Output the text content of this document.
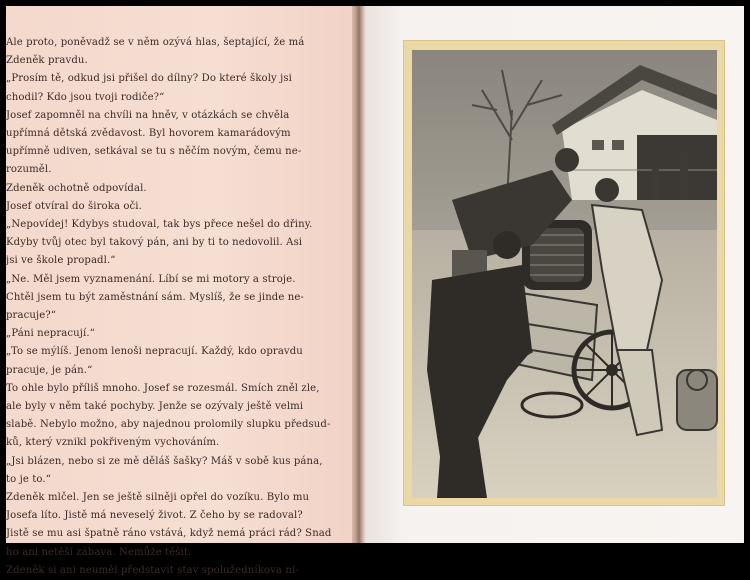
Ale proto, poněvadž se v něm ozývá hlas, šeptající, že má
Zdeněk pravdu.
„Prosím tě, odkud jsi přišel do dílny? Do které školy jsi
chodil? Kdo jsou tvoji rodiče?“
Josef zapomněl na chvíli na hněv, v otázkách se chvěla
upřímná dětská zvědavost. Byl hovorem kamarádovým
upřímně udiven, setkával se tu s něčím novým, čemu ne-
rozuměl.
Zdeněk ochotně odpovídal.
Josef otvíral do široka oči.
„Nepovídej! Kdybys studoval, tak bys přece nešel do dřiny.
Kdyby tvůj otec byl takový pán, ani by ti to nedovolil. Asi
jsi ve škole propadl.“
„Ne. Měl jsem vyznamenání. Líbí se mi motory a stroje.
Chtěl jsem tu být zaměstnání sám. Myslíš, že se jinde ne-
pracuje?“
„Páni nepracují.“
„To se mýlíš. Jenom lenoši nepracují. Každý, kdo opravdu
pracuje, je pán.“
To ohle bylo příliš mnoho. Josef se rozesmál. Smích zněl zle,
ale byly v něm také pochyby. Jenže se ozývaly ještě velmi
slabě. Nebylo možno, aby najednou prolomily slupku předsud-
ků, který vznikl pokřiveným vychováním.
„Jsi blázen, nebo si ze mě děláš šašky? Máš v sobě kus pána,
to je to.“
Zdeněk mlčel. Jen se ještě silněji opřel do vozíku. Bylo mu
Josefa líto. Jistě má neveselý život. Z čeho by se radoval?
Jistě se mu asi špatně ráno vstává, když nemá práci rád? Snad
ho ani netěší zábava. Nemůže těšit.
Zdeněk si ani neuměl představit stav spolužedníkova ni-
